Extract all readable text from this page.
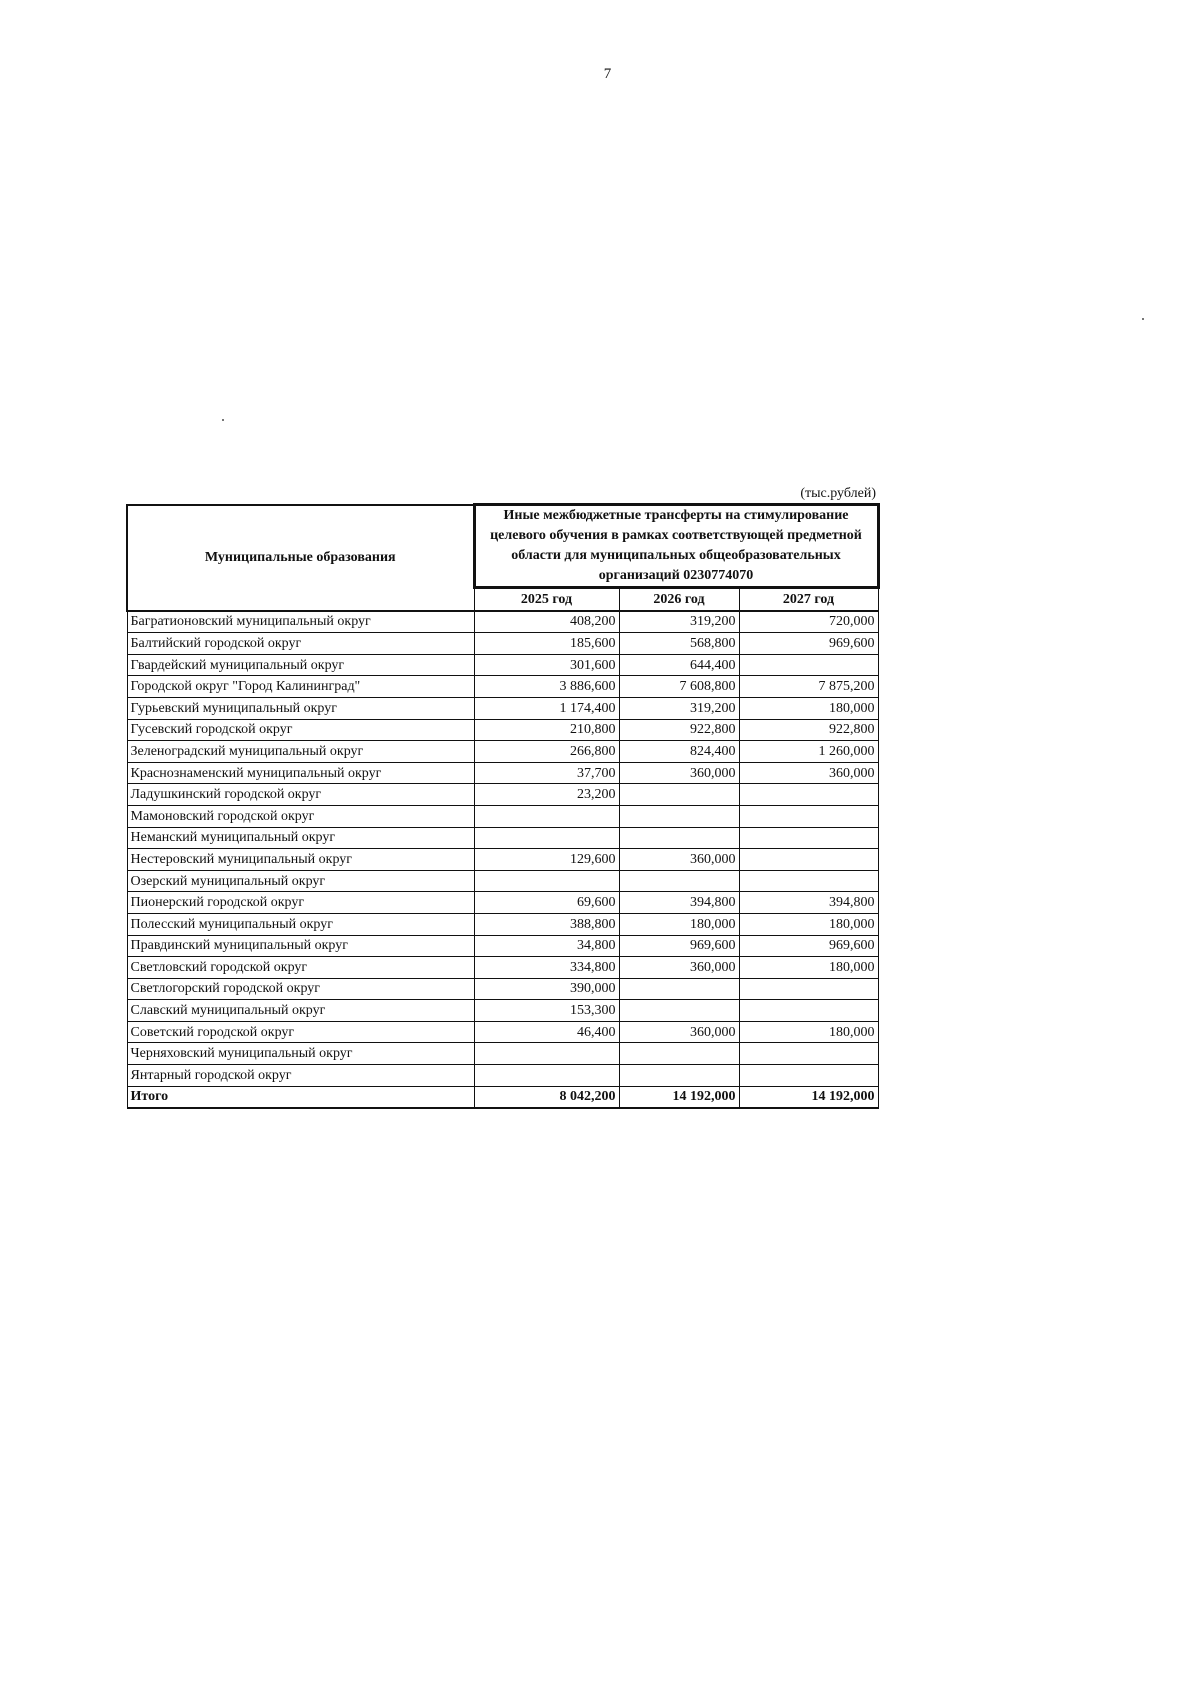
7
(тыс.рублей)
Муниципальные образования	Иные межбюджетные трансферты на стимулирование целевого обучения в рамках соответствующей предметной области для муниципальных общеобразовательных организаций 0230774070		
	2025 год	2026 год	2027 год
Багратионовский муниципальный округ	408,200	319,200	720,000
Балтийский городской округ	185,600	568,800	969,600
Гвардейский муниципальный округ	301,600	644,400	
Городской округ "Город Калининград"	3 886,600	7 608,800	7 875,200
Гурьевский муниципальный округ	1 174,400	319,200	180,000
Гусевский городской округ	210,800	922,800	922,800
Зеленоградский муниципальный округ	266,800	824,400	1 260,000
Краснознаменский муниципальный округ	37,700	360,000	360,000
Ладушкинский городской округ	23,200		
Мамоновский городской округ			
Неманский муниципальный округ			
Нестеровский муниципальный округ	129,600	360,000	
Озерский муниципальный округ			
Пионерский городской округ	69,600	394,800	394,800
Полесский муниципальный округ	388,800	180,000	180,000
Правдинский муниципальный округ	34,800	969,600	969,600
Светловский городской округ	334,800	360,000	180,000
Светлогорский городской округ	390,000		
Славский муниципальный округ	153,300		
Советский городской округ	46,400	360,000	180,000
Черняховский муниципальный округ			
Янтарный городской округ			
Итого	8 042,200	14 192,000	14 192,000
